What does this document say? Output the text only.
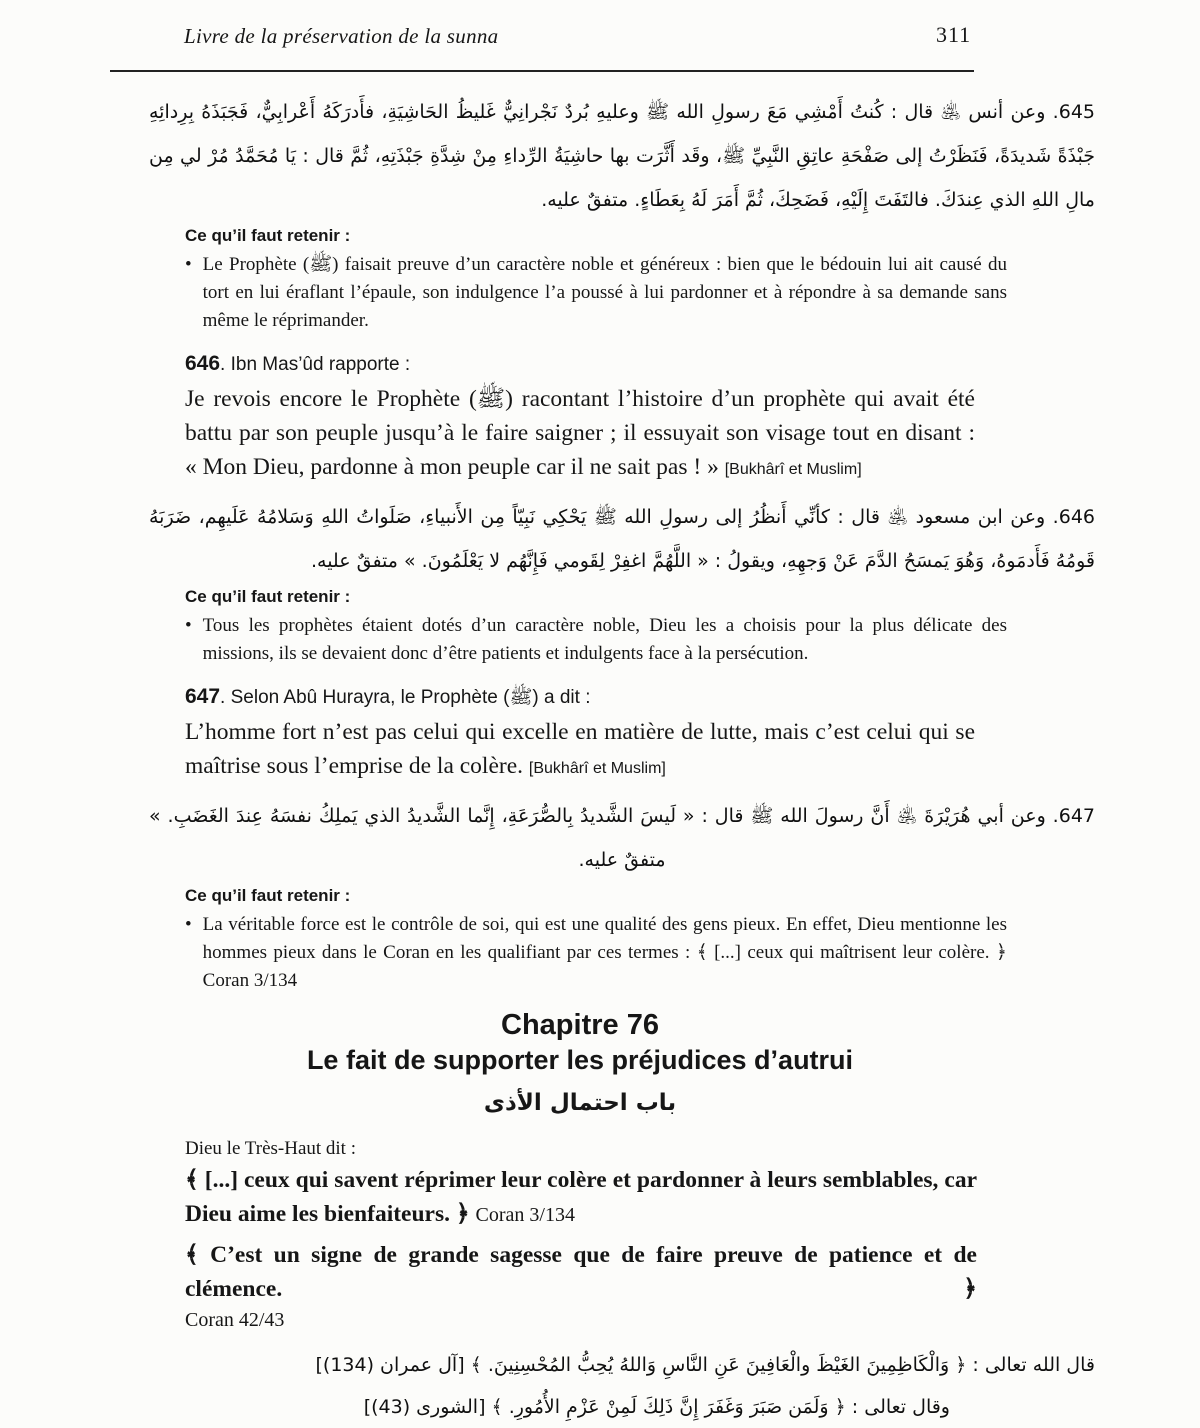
Livre de la préservation de la sunna	311

645. وعن أنس ﵁ قال : كُنتُ أَمْشِي مَعَ رسولِ الله ﷺ وعليهِ بُردٌ نَجْرانِيٌّ غَليظُ الحَاشِيَةِ، فأَدرَكَهُ أَعْرابِيٌّ، فَجَبَذَهُ بِرِدائِهِ جَبْذَةً شَديدَةً، فَنَظَرْتُ إلى صَفْحَةِ عاتِقِ النَّبِيِّ ﷺ، وقَد أَثَّرَت بها حاشِيَةُ الرِّداءِ مِنْ شِدَّةِ جَبْذَتِهِ، ثُمَّ قال : يَا مُحَمَّدُ مُرْ لي مِن مالِ اللهِ الذي عِندَكَ. فالتَفَتَ إِلَيْهِ، فَضَحِكَ، ثُمَّ أَمَرَ لَهُ بِعَطَاءٍ. متفقٌ عليه.

Ce qu’il faut retenir :

• Le Prophète (ﷺ) faisait preuve d’un caractère noble et généreux : bien que le bédouin lui ait causé du tort en lui éraflant l’épaule, son indulgence l’a poussé à lui pardonner et à répondre à sa demande sans même le réprimander.

646. Ibn Mas’ûd rapporte :

Je revois encore le Prophète (ﷺ) racontant l’histoire d’un prophète qui avait été battu par son peuple jusqu’à le faire saigner ; il essuyait son visage tout en disant : « Mon Dieu, pardonne à mon peuple car il ne sait pas ! » [Bukhârî et Muslim]

646. وعن ابن مسعود ﵁ قال : كأنِّي أَنظُرُ إلى رسولِ الله ﷺ يَحْكِي نَبِيّاً مِن الأَنبياءِ، صَلَواتُ اللهِ وَسَلامُهُ عَلَيهِم، ضَرَبَهُ قَومُهُ فَأَدمَوهُ، وَهُوَ يَمسَحُ الدَّمَ عَنْ وَجهِهِ، ويقولُ : « اللَّهُمَّ اغفِرْ لِقَومي فَإِنَّهُم لا يَعْلَمُونَ. » متفقٌ عليه.

Ce qu’il faut retenir :

• Tous les prophètes étaient dotés d’un caractère noble, Dieu les a choisis pour la plus délicate des missions, ils se devaient donc d’être patients et indulgents face à la persécution.

647. Selon Abû Hurayra, le Prophète (ﷺ) a dit :

L’homme fort n’est pas celui qui excelle en matière de lutte, mais c’est celui qui se maîtrise sous l’emprise de la colère. [Bukhârî et Muslim]

647. وعن أبي هُرَيْرَةَ ﵁ أَنَّ رسولَ الله ﷺ قال : « لَيسَ الشَّديدُ بِالصُّرَعَةِ، إِنَّما الشَّديدُ الذي يَملِكُ نفسَهُ عِندَ الغَضَبِ. » متفقٌ عليه.

Ce qu’il faut retenir :

• La véritable force est le contrôle de soi, qui est une qualité des gens pieux. En effet, Dieu mentionne les hommes pieux dans le Coran en les qualifiant par ces termes : ﴾ [...] ceux qui maîtrisent leur colère. ﴿ Coran 3/134

Chapitre 76
Le fait de supporter les préjudices d’autrui

باب احتمال الأذى

Dieu le Très-Haut dit :

﴾ [...] ceux qui savent réprimer leur colère et pardonner à leurs semblables, car Dieu aime les bienfaiteurs. ﴿ Coran 3/134

﴾ C’est un signe de grande sagesse que de faire preuve de patience et de clémence. ﴿

Coran 42/43

قال الله تعالى : ﴿ وَالْكَاظِمِينَ الغَيْظَ والْعَافِينَ عَنِ النَّاسِ وَاللهُ يُحِبُّ المُحْسِنِينَ. ﴾ [آل عمران (134)]

وقال تعالى : ﴿ وَلَمَن صَبَرَ وَغَفَرَ إِنَّ ذَلِكَ لَمِنْ عَزْمِ الأُمُورِ. ﴾ [الشورى (43)]
